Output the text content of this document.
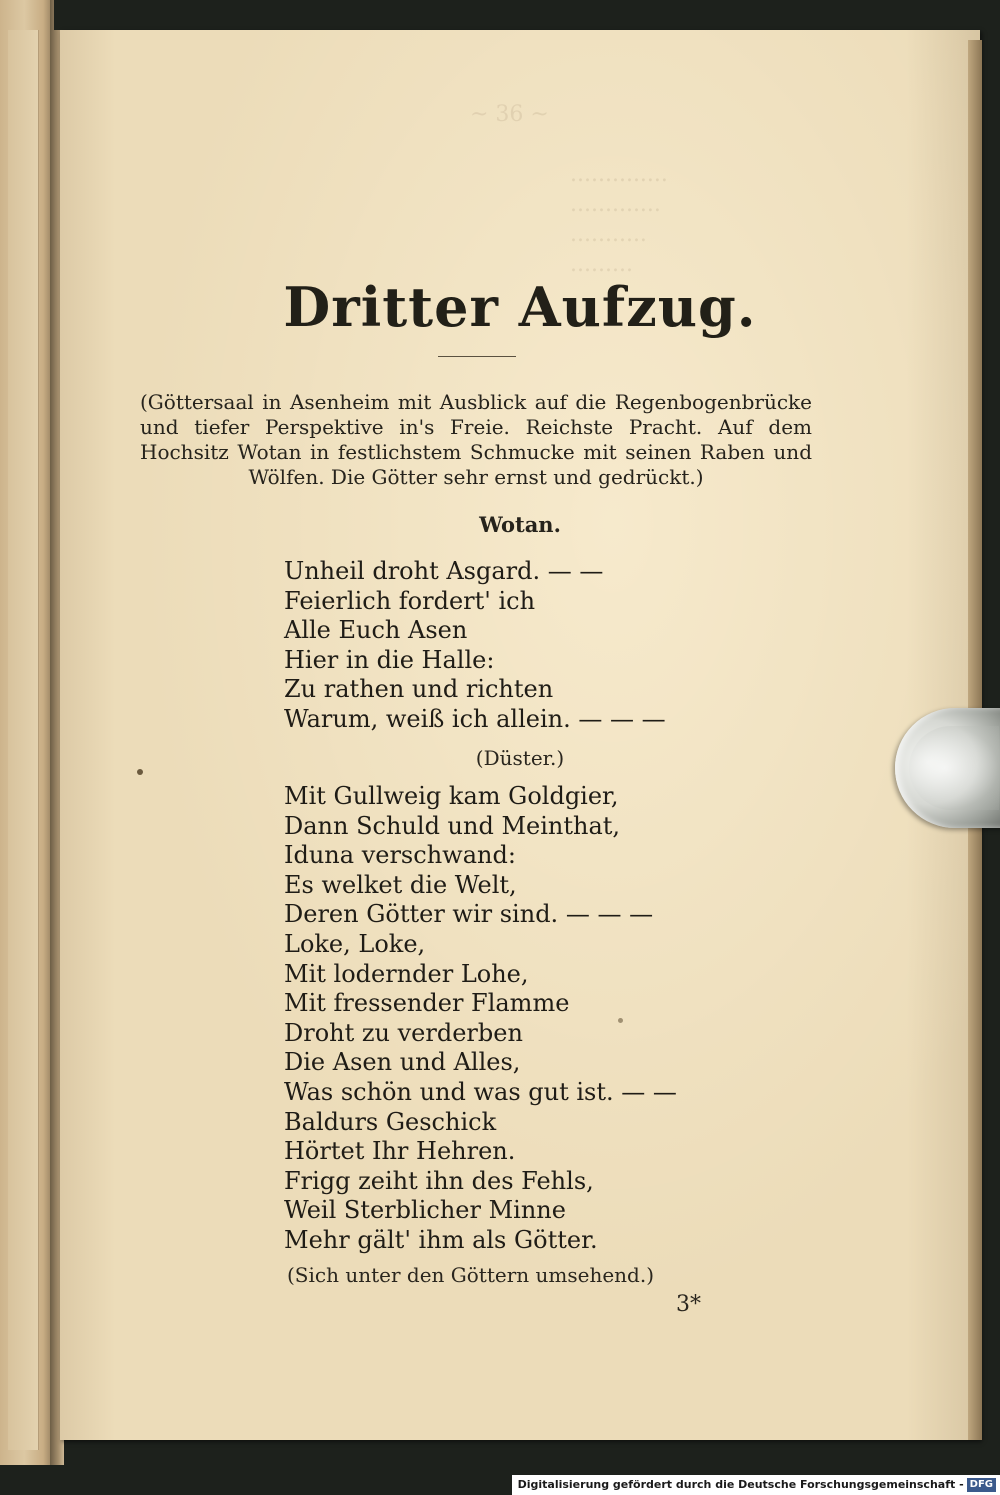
~ 36 ~
..............
.............
...........
.........
Dritter Aufzug.
(Göttersaal in Asenheim mit Ausblick auf die Regenbogenbrücke und tiefer Perspektive in's Freie. Reichste Pracht. Auf dem Hochsitz Wotan in festlichstem Schmucke mit seinen Raben und Wölfen. Die Götter sehr ernst und gedrückt.)
Wotan.
Unheil droht Asgard. — —
Feierlich fordert' ich
Alle Euch Asen
Hier in die Halle:
Zu rathen und richten
Warum, weiß ich allein. — — —
(Düster.)
Mit Gullweig kam Goldgier,
Dann Schuld und Meinthat,
Iduna verschwand:
Es welket die Welt,
Deren Götter wir sind. — — —
Loke, Loke,
Mit lodernder Lohe,
Mit fressender Flamme
Droht zu verderben
Die Asen und Alles,
Was schön und was gut ist. — —
Baldurs Geschick
Hörtet Ihr Hehren.
Frigg zeiht ihn des Fehls,
Weil Sterblicher Minne
Mehr gält' ihm als Götter.
(Sich unter den Göttern umsehend.)
3*
Digitalisierung gefördert durch die Deutsche Forschungsgemeinschaft - DFG
